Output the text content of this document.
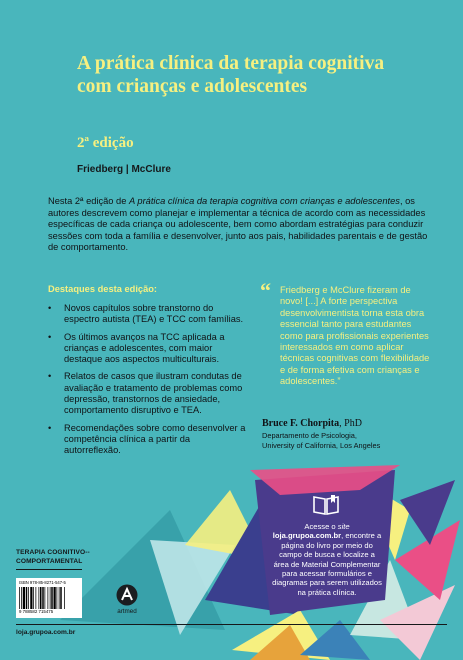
A prática clínica da terapia cognitiva com crianças e adolescentes
2ª edição
Friedberg | McClure

Nesta 2ª edição de A prática clínica da terapia cognitiva com crianças e adolescentes, os autores descrevem como planejar e implementar a técnica de acordo com as necessidades específicas de cada criança ou adolescente, bem como abordam estratégias para conduzir sessões com toda a família e desenvolver, junto aos pais, habilidades parentais e de gestão de comportamento.

Destaques desta edição:
• Novos capítulos sobre transtorno do espectro autista (TEA) e TCC com famílias.
• Os últimos avanços na TCC aplicada a crianças e adolescentes, com maior destaque aos aspectos multiculturais.
• Relatos de casos que ilustram condutas de avaliação e tratamento de problemas como depressão, transtornos de ansiedade, comportamento disruptivo e TEA.
• Recomendações sobre como desenvolver a competência clínica a partir da autorreflexão.
“ Friedberg e McClure fizeram de novo! [...] A forte perspectiva desenvolvimentista torna esta obra essencial tanto para estudantes como para profissionais experientes interessados em como aplicar técnicas cognitivas com flexibilidade e de forma efetiva com crianças e adolescentes.”
Bruce F. Chorpita, PhD
Departamento de Psicologia,
University of California, Los Angeles
Acesse o site
loja.grupoa.com.br, encontre a página do livro por meio do campo de busca e localize a área de Material Complementar para acessar formulários e diagramas para serem utilizados na prática clínica.
TERAPIA COGNITIVO--COMPORTAMENTAL
ISBN 978-85-8271-547-5
9 788582 715475	artmed
loja.grupoa.com.br
